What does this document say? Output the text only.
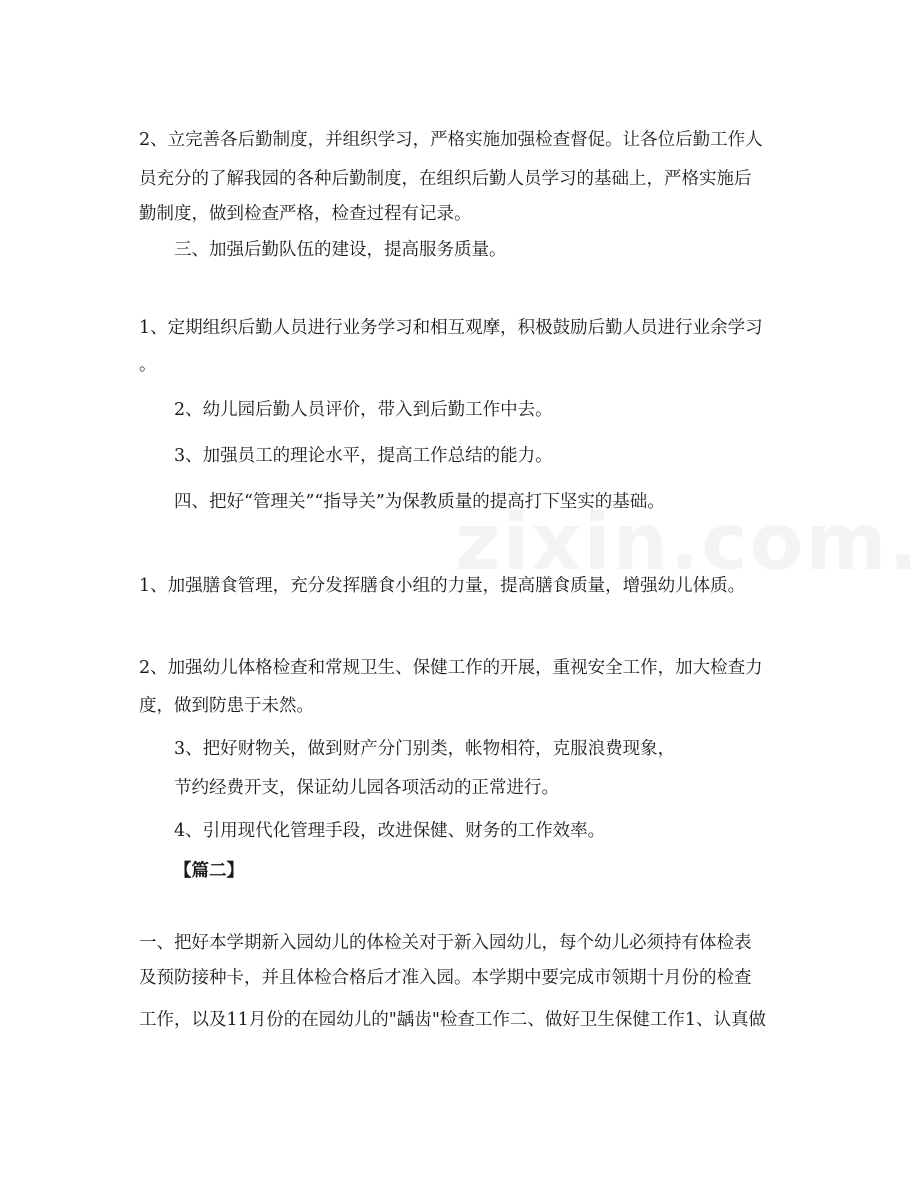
2、立完善各后勤制度，并组织学习，严格实施加强检查督促。让各位后勤工作人
员充分的了解我园的各种后勤制度，在组织后勤人员学习的基础上，严格实施后
勤制度，做到检查严格，检查过程有记录。
三、加强后勤队伍的建设，提高服务质量。
1、定期组织后勤人员进行业务学习和相互观摩，积极鼓励后勤人员进行业余学习
。
2、幼儿园后勤人员评价，带入到后勤工作中去。
3、加强员工的理论水平，提高工作总结的能力。
四、把好“管理关”“指导关”为保教质量的提高打下坚实的基础。
1、加强膳食管理，充分发挥膳食小组的力量，提高膳食质量，增强幼儿体质。
2、加强幼儿体格检查和常规卫生、保健工作的开展，重视安全工作，加大检查力
度，做到防患于未然。
3、把好财物关，做到财产分门别类，帐物相符，克服浪费现象，
节约经费开支，保证幼儿园各项活动的正常进行。
4、引用现代化管理手段，改进保健、财务的工作效率。
【篇二】
一、把好本学期新入园幼儿的体检关对于新入园幼儿，每个幼儿必须持有体检表
及预防接种卡，并且体检合格后才准入园。本学期中要完成市领期十月份的检查
工作，以及11月份的在园幼儿的"龋齿"检查工作二、做好卫生保健工作1、认真做
